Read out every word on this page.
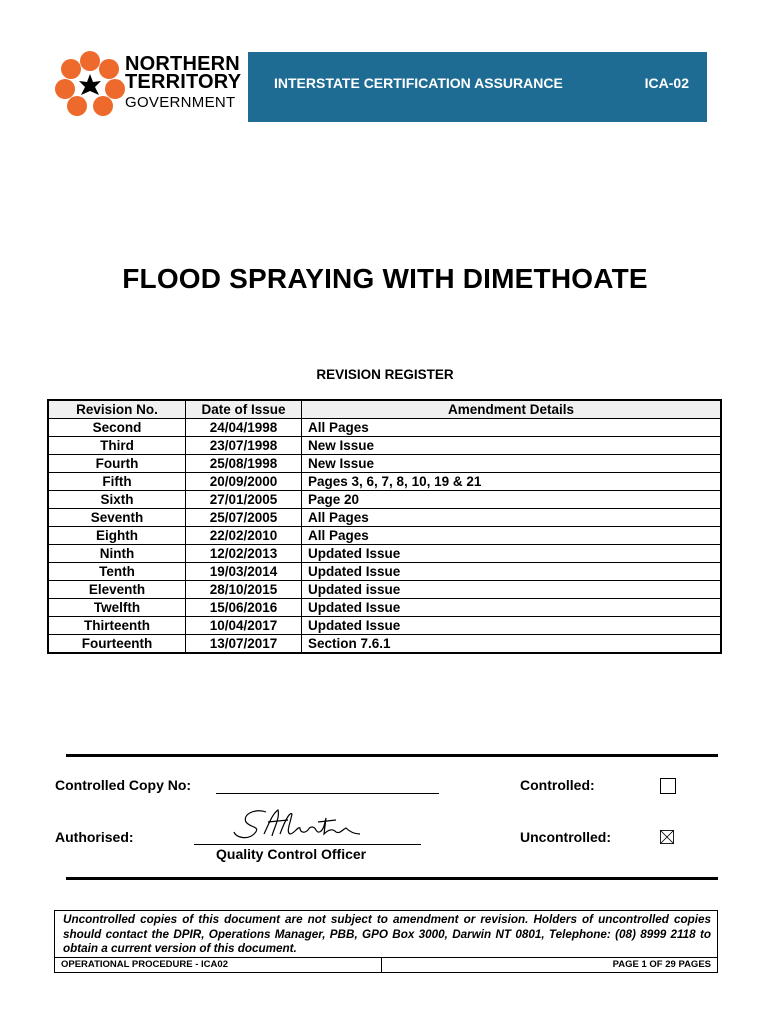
NORTHERN
TERRITORY
GOVERNMENT
INTERSTATE CERTIFICATION ASSURANCE	ICA-02
FLOOD SPRAYING WITH DIMETHOATE
REVISION REGISTER
Revision No.	Date of Issue	Amendment Details
Second	24/04/1998	All Pages
Third	23/07/1998	New Issue
Fourth	25/08/1998	New Issue
Fifth	20/09/2000	Pages 3, 6, 7, 8, 10, 19 & 21
Sixth	27/01/2005	Page 20
Seventh	25/07/2005	All Pages
Eighth	22/02/2010	All Pages
Ninth	12/02/2013	Updated Issue
Tenth	19/03/2014	Updated Issue
Eleventh	28/10/2015	Updated issue
Twelfth	15/06/2016	Updated Issue
Thirteenth	10/04/2017	Updated Issue
Fourteenth	13/07/2017	Section 7.6.1
Controlled Copy No:	Controlled:
Authorised:
Quality Control Officer
Uncontrolled:
Uncontrolled copies of this document are not subject to amendment or revision. Holders of uncontrolled copies should contact the DPIR, Operations Manager, PBB, GPO Box 3000, Darwin NT 0801, Telephone: (08) 8999 2118 to obtain a current version of this document.
OPERATIONAL PROCEDURE - ICA02	PAGE 1 OF 29 PAGES
